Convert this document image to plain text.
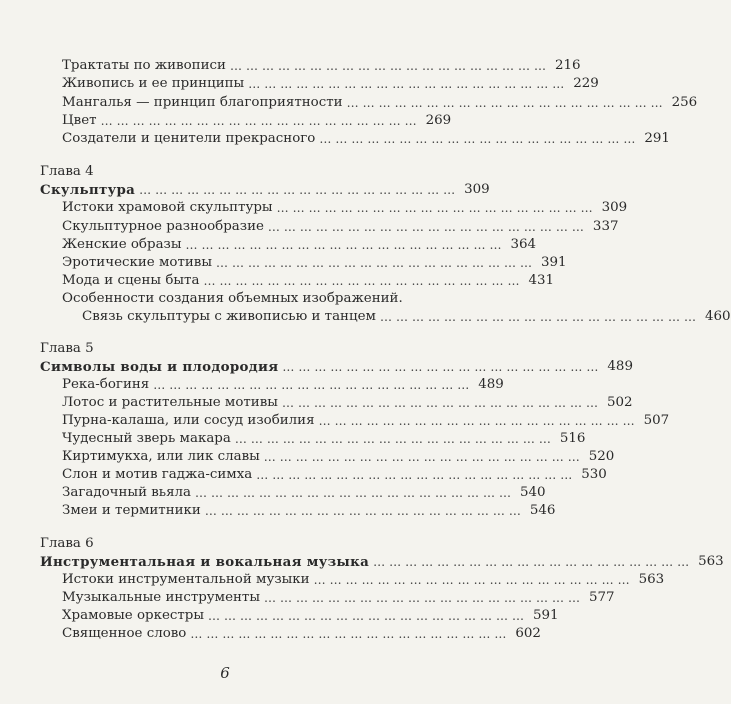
Трактаты по живописи …………………………………………………… 216
Живопись и ее принципы …………………………………………………… 229
Мангалья — принцип благоприятности …………………………………………………… 256
Цвет …………………………………………………… 269
Создатели и ценители прекрасного …………………………………………………… 291
Глава 4
Скульптура …………………………………………………… 309
Истоки храмовой скульптуры …………………………………………………… 309
Скульптурное разнообразие …………………………………………………… 337
Женские образы …………………………………………………… 364
Эротические мотивы …………………………………………………… 391
Мода и сцены быта …………………………………………………… 431
Особенности создания объемных изображений.
Связь скульптуры с живописью и танцем …………………………………………………… 460
Глава 5
Символы воды и плодородия …………………………………………………… 489
Река-богиня …………………………………………………… 489
Лотос и растительные мотивы …………………………………………………… 502
Пурна-калаша, или сосуд изобилия …………………………………………………… 507
Чудесный зверь макара …………………………………………………… 516
Киртимукха, или лик славы …………………………………………………… 520
Слон и мотив гаджа-симха …………………………………………………… 530
Загадочный вьяла …………………………………………………… 540
Змеи и термитники …………………………………………………… 546
Глава 6
Инструментальная и вокальная музыка …………………………………………………… 563
Истоки инструментальной музыки …………………………………………………… 563
Музыкальные инструменты …………………………………………………… 577
Храмовые оркестры …………………………………………………… 591
Священное слово …………………………………………………… 602
6
